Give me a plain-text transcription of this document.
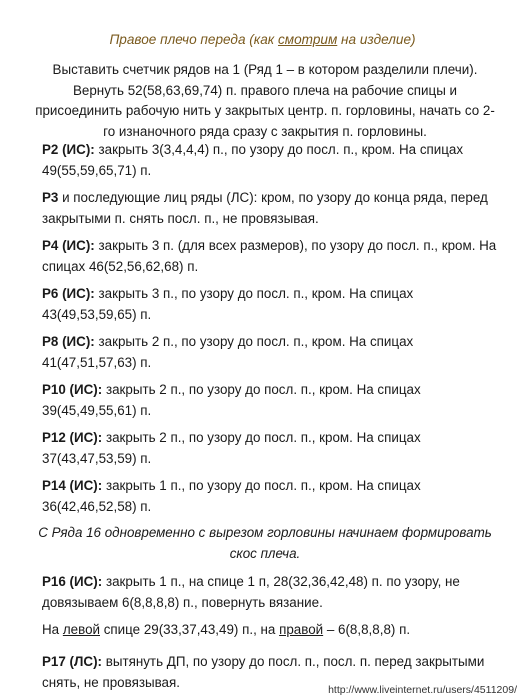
Правое плечо переда (как смотрим на изделие)

Выставить счетчик рядов на 1 (Ряд 1 – в котором разделили плечи). Вернуть 52(58,63,69,74) п. правого плеча на рабочие спицы и присоединить рабочую нить у закрытых центр. п. горловины, начать со 2-го изнаночного ряда сразу с закрытия п. горловины.

Р2 (ИС): закрыть 3(3,4,4,4) п., по узору до посл. п., кром. На спицах 49(55,59,65,71) п.

Р3 и последующие лиц ряды (ЛС): кром, по узору до конца ряда, перед закрытыми п. снять посл. п., не провязывая.

Р4 (ИС): закрыть 3 п. (для всех размеров), по узору до посл. п., кром. На спицах 46(52,56,62,68) п.

Р6 (ИС): закрыть 3 п., по узору до посл. п., кром. На спицах 43(49,53,59,65) п.

Р8 (ИС): закрыть 2 п., по узору до посл. п., кром. На спицах 41(47,51,57,63) п.

Р10 (ИС): закрыть 2 п., по узору до посл. п., кром. На спицах 39(45,49,55,61) п.

Р12 (ИС): закрыть 2 п., по узору до посл. п., кром. На спицах 37(43,47,53,59) п.

Р14 (ИС): закрыть 1 п., по узору до посл. п., кром. На спицах 36(42,46,52,58) п.

С Ряда 16 одновременно с вырезом горловины начинаем формировать
скос плеча.

Р16 (ИС): закрыть 1 п., на спице 1 п, 28(32,36,42,48) п. по узору, не довязываем 6(8,8,8,8) п., повернуть вязание.

На левой спице 29(33,37,43,49) п., на правой – 6(8,8,8,8) п.

Р17 (ЛС): вытянуть ДП, по узору до посл. п., посл. п. перед закрытыми снять, не провязывая.

http://www.liveinternet.ru/users/4511209/
